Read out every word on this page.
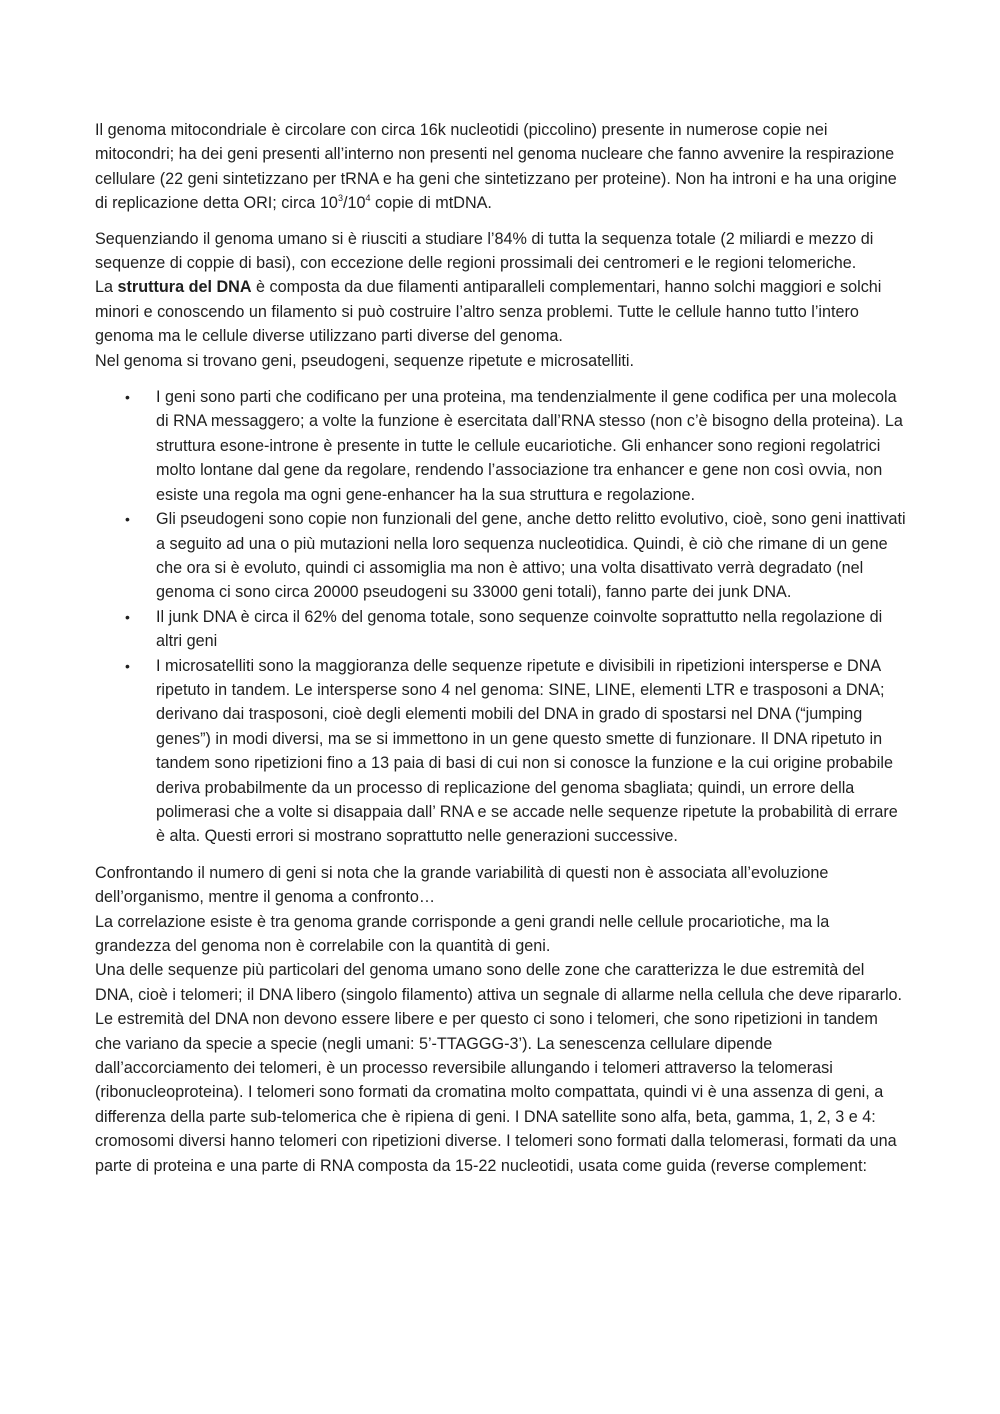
Il genoma mitocondriale è circolare con circa 16k nucleotidi (piccolino) presente in numerose copie nei mitocondri; ha dei geni presenti all’interno non presenti nel genoma nucleare che fanno avvenire la respirazione cellulare (22 geni sintetizzano per tRNA e ha geni che sintetizzano per proteine). Non ha introni e ha una origine di replicazione detta ORI; circa $10^3/10^4$ copie di mtDNA.

Sequenziando il genoma umano si è riusciti a studiare l’84% di tutta la sequenza totale (2 miliardi e mezzo di sequenze di coppie di basi), con eccezione delle regioni prossimali dei centromeri e le regioni telomeriche.

La struttura del DNA è composta da due filamenti antiparalleli complementari, hanno solchi maggiori e solchi minori e conoscendo un filamento si può costruire l’altro senza problemi. Tutte le cellule hanno tutto l’intero genoma ma le cellule diverse utilizzano parti diverse del genoma.

Nel genoma si trovano geni, pseudogeni, sequenze ripetute e microsatelliti.

• I geni sono parti che codificano per una proteina, ma tendenzialmente il gene codifica per una molecola di RNA messaggero; a volte la funzione è esercitata dall’RNA stesso (non c’è bisogno della proteina). La struttura esone-introne è presente in tutte le cellule eucariotiche. Gli enhancer sono regioni regolatrici molto lontane dal gene da regolare, rendendo l’associazione tra enhancer e gene non così ovvia, non esiste una regola ma ogni gene-enhancer ha la sua struttura e regolazione.
• Gli pseudogeni sono copie non funzionali del gene, anche detto relitto evolutivo, cioè, sono geni inattivati a seguito ad una o più mutazioni nella loro sequenza nucleotidica. Quindi, è ciò che rimane di un gene che ora si è evoluto, quindi ci assomiglia ma non è attivo; una volta disattivato verrà degradato (nel genoma ci sono circa 20000 pseudogeni su 33000 geni totali), fanno parte dei junk DNA.
• Il junk DNA è circa il 62% del genoma totale, sono sequenze coinvolte soprattutto nella regolazione di altri geni
• I microsatelliti sono la maggioranza delle sequenze ripetute e divisibili in ripetizioni intersperse e DNA ripetuto in tandem. Le intersperse sono 4 nel genoma: SINE, LINE, elementi LTR e trasposoni a DNA; derivano dai trasposoni, cioè degli elementi mobili del DNA in grado di spostarsi nel DNA (“jumping genes”) in modi diversi, ma se si immettono in un gene questo smette di funzionare. Il DNA ripetuto in tandem sono ripetizioni fino a 13 paia di basi di cui non si conosce la funzione e la cui origine probabile deriva probabilmente da un processo di replicazione del genoma sbagliata; quindi, un errore della polimerasi che a volte si disappaia dall’ RNA e se accade nelle sequenze ripetute la probabilità di errare è alta. Questi errori si mostrano soprattutto nelle generazioni successive.

Confrontando il numero di geni si nota che la grande variabilità di questi non è associata all’evoluzione dell’organismo, mentre il genoma a confronto…

La correlazione esiste è tra genoma grande corrisponde a geni grandi nelle cellule procariotiche, ma la grandezza del genoma non è correlabile con la quantità di geni.

Una delle sequenze più particolari del genoma umano sono delle zone che caratterizza le due estremità del DNA, cioè i telomeri; il DNA libero (singolo filamento) attiva un segnale di allarme nella cellula che deve ripararlo. Le estremità del DNA non devono essere libere e per questo ci sono i telomeri, che sono ripetizioni in tandem che variano da specie a specie (negli umani: 5’-TTAGGG-3’). La senescenza cellulare dipende dall’accorciamento dei telomeri, è un processo reversibile allungando i telomeri attraverso la telomerasi (ribonucleoproteina). I telomeri sono formati da cromatina molto compattata, quindi vi è una assenza di geni, a differenza della parte sub-telomerica che è ripiena di geni. I DNA satellite sono alfa, beta, gamma, 1, 2, 3 e 4: cromosomi diversi hanno telomeri con ripetizioni diverse. I telomeri sono formati dalla telomerasi, formati da una parte di proteina e una parte di RNA composta da 15-22 nucleotidi, usata come guida (reverse complement:
